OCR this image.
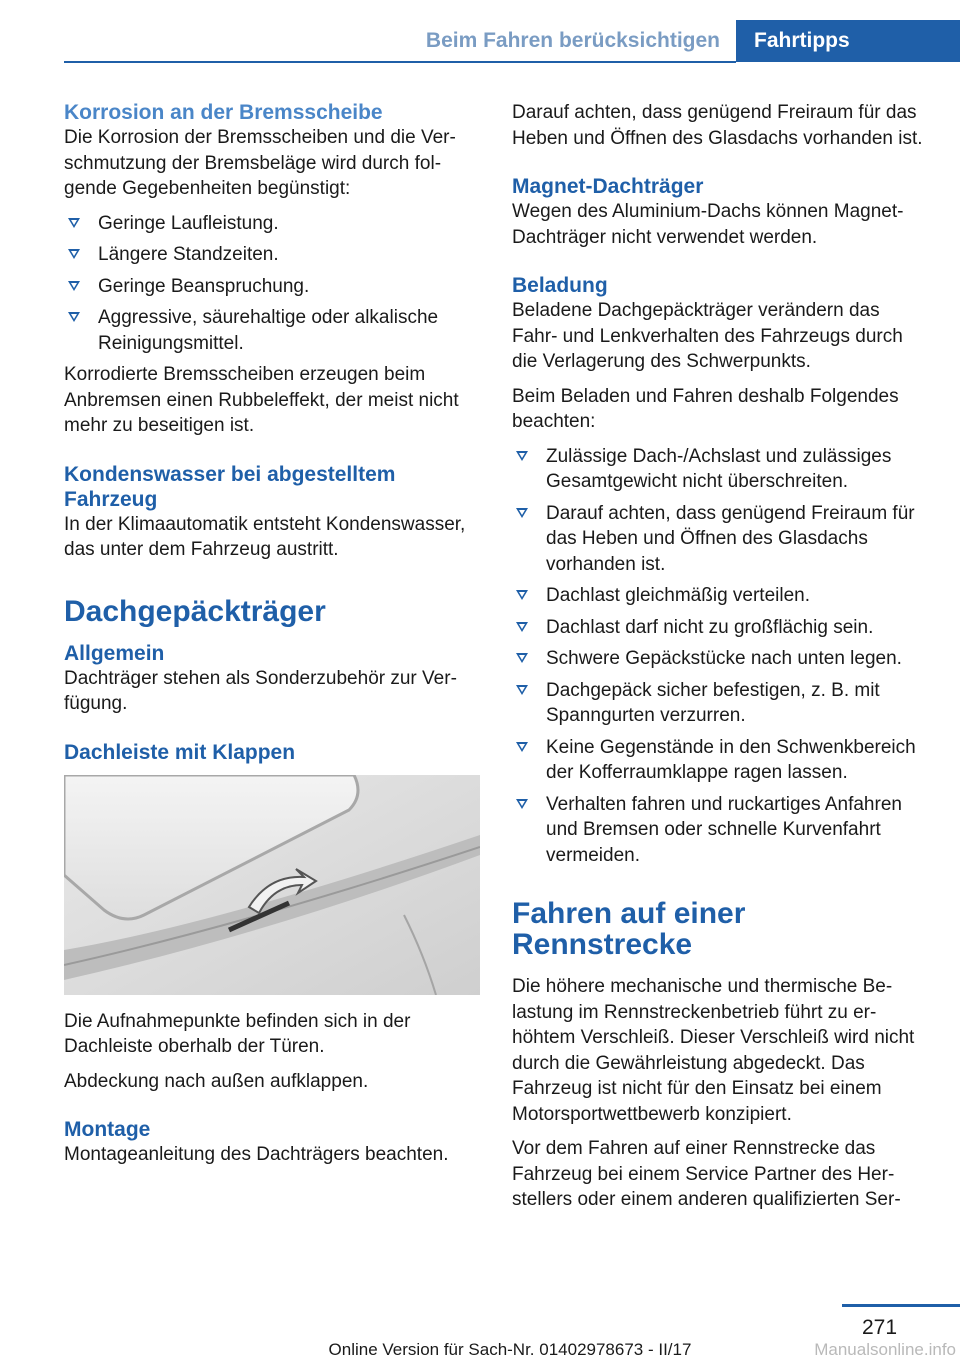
Beim Fahren berücksichtigen Fahrtipps
Korrosion an der Bremsscheibe

Die Korrosion der Bremsscheiben und die Verschmutzung der Bremsbeläge wird durch folgende Gegebenheiten begünstigt:

Geringe Laufleistung.
Längere Standzeiten.
Geringe Beanspruchung.
Aggressive, säurehaltige oder alkalische Reinigungsmittel.

Korrodierte Bremsscheiben erzeugen beim Anbremsen einen Rubbeleffekt, der meist nicht mehr zu beseitigen ist.

Kondenswasser bei abgestelltem Fahrzeug

In der Klimaautomatik entsteht Kondenswasser, das unter dem Fahrzeug austritt.

Dachgepäckträger
Allgemein

Dachträger stehen als Sonderzubehör zur Verfügung.

Dachleiste mit Klappen

Die Aufnahmepunkte befinden sich in der Dachleiste oberhalb der Türen.

Abdeckung nach außen aufklappen.

Montage

Montageanleitung des Dachträgers beachten.

Darauf achten, dass genügend Freiraum für das Heben und Öffnen des Glasdachs vorhanden ist.

Magnet-Dachträger

Wegen des Aluminium-Dachs können Magnet-Dachträger nicht verwendet werden.

Beladung

Beladene Dachgepäckträger verändern das Fahr- und Lenkverhalten des Fahrzeugs durch die Verlagerung des Schwerpunkts.

Beim Beladen und Fahren deshalb Folgendes beachten:

Zulässige Dach-/Achslast und zulässiges Gesamtgewicht nicht überschreiten.
Darauf achten, dass genügend Freiraum für das Heben und Öffnen des Glasdachs vorhanden ist.
Dachlast gleichmäßig verteilen.
Dachlast darf nicht zu großflächig sein.
Schwere Gepäckstücke nach unten legen.
Dachgepäck sicher befestigen, z. B. mit Spanngurten verzurren.
Keine Gegenstände in den Schwenkbereich der Kofferraumklappe ragen lassen.
Verhalten fahren und ruckartiges Anfahren und Bremsen oder schnelle Kurvenfahrt vermeiden.
Fahren auf einer Rennstrecke

Die höhere mechanische und thermische Belastung im Rennstreckenbetrieb führt zu erhöhtem Verschleiß. Dieser Verschleiß wird nicht durch die Gewährleistung abgedeckt. Das Fahrzeug ist nicht für den Einsatz bei einem Motorsportwettbewerb konzipiert.

Vor dem Fahren auf einer Rennstrecke das Fahrzeug bei einem Service Partner des Herstellers oder einem anderen qualifizierten Ser-

271
Online Version für Sach-Nr. 01402978673 - II/17	Manualsonline.info
